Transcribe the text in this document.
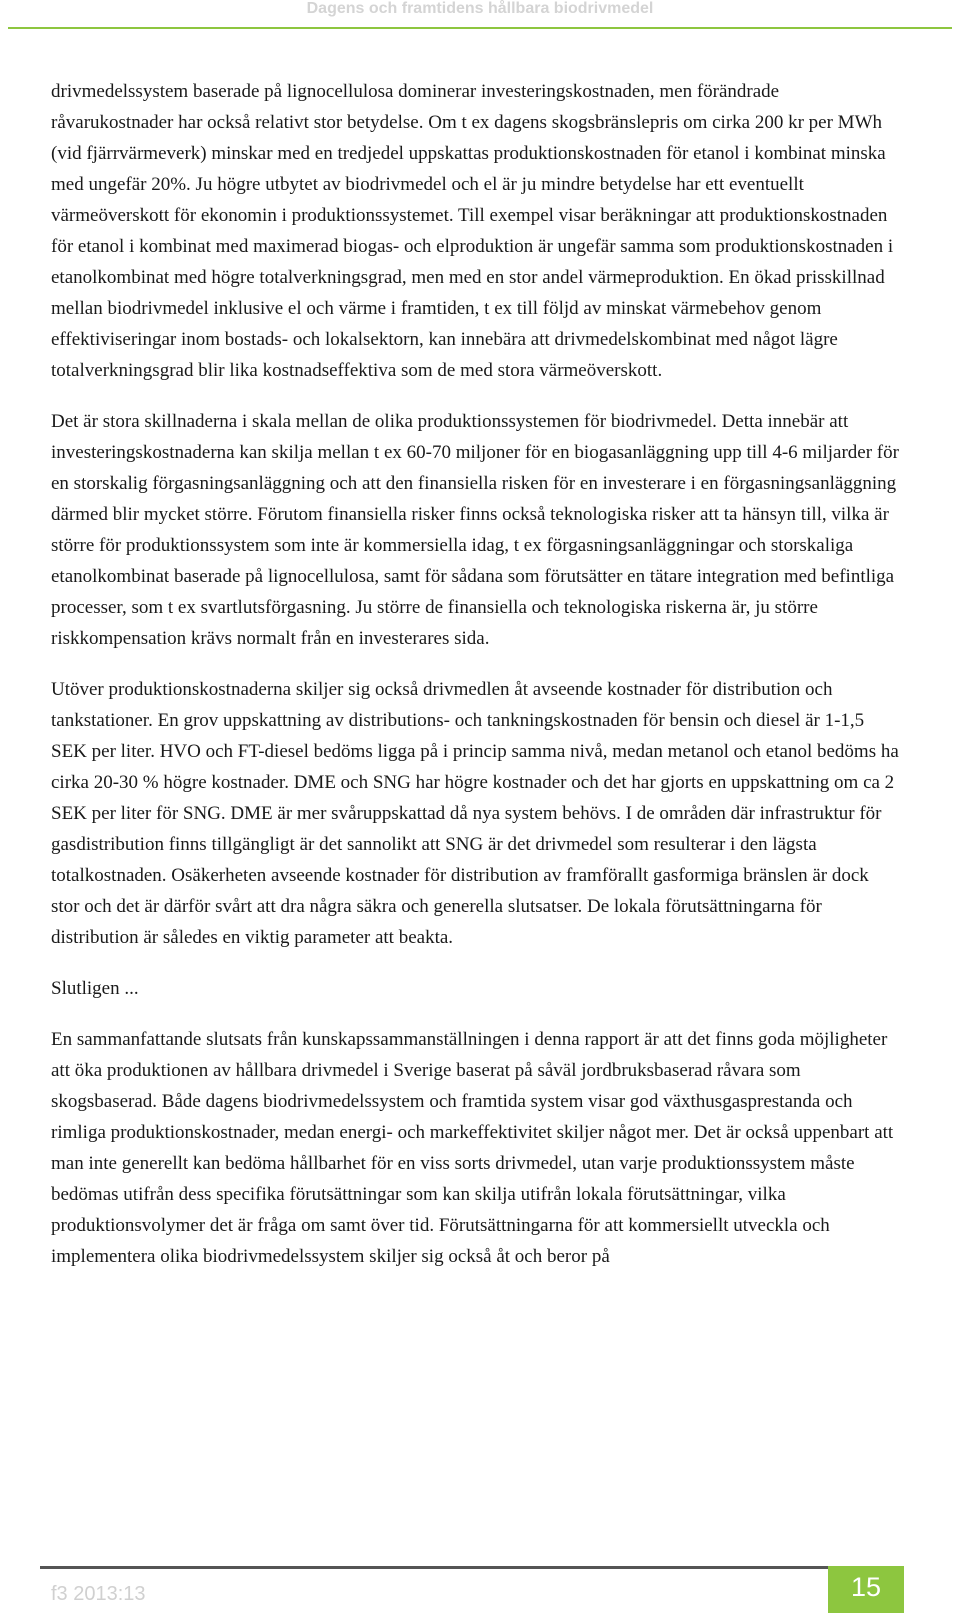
Dagens och framtidens hållbara biodrivmedel

drivmedelssystem baserade på lignocellulosa dominerar investeringskostnaden, men förändrade råvarukostnader har också relativt stor betydelse. Om t ex dagens skogsbränslepris om cirka 200 kr per MWh (vid fjärrvärmeverk) minskar med en tredjedel uppskattas produktionskostnaden för etanol i kombinat minska med ungefär 20%. Ju högre utbytet av biodrivmedel och el är ju mindre betydelse har ett eventuellt värmeöverskott för ekonomin i produktionssystemet. Till exempel visar beräkningar att produktionskostnaden för etanol i kombinat med maximerad biogas- och elproduktion är ungefär samma som produktionskostnaden i etanolkombinat med högre totalverkningsgrad, men med en stor andel värmeproduktion. En ökad prisskillnad mellan biodrivmedel inklusive el och värme i framtiden, t ex till följd av minskat värmebehov genom effektiviseringar inom bostads- och lokalsektorn, kan innebära att drivmedelskombinat med något lägre totalverkningsgrad blir lika kostnadseffektiva som de med stora värmeöverskott.

Det är stora skillnaderna i skala mellan de olika produktionssystemen för biodrivmedel. Detta innebär att investeringskostnaderna kan skilja mellan t ex 60-70 miljoner för en biogasanläggning upp till 4-6 miljarder för en storskalig förgasningsanläggning och att den finansiella risken för en investerare i en förgasningsanläggning därmed blir mycket större. Förutom finansiella risker finns också teknologiska risker att ta hänsyn till, vilka är större för produktionssystem som inte är kommersiella idag, t ex förgasningsanläggningar och storskaliga etanolkombinat baserade på lignocellulosa, samt för sådana som förutsätter en tätare integration med befintliga processer, som t ex svartlutsförgasning. Ju större de finansiella och teknologiska riskerna är, ju större riskkompensation krävs normalt från en investerares sida.

Utöver produktionskostnaderna skiljer sig också drivmedlen åt avseende kostnader för distribution och tankstationer. En grov uppskattning av distributions- och tankningskostnaden för bensin och diesel är 1-1,5 SEK per liter. HVO och FT-diesel bedöms ligga på i princip samma nivå, medan metanol och etanol bedöms ha cirka 20-30 % högre kostnader. DME och SNG har högre kostnader och det har gjorts en uppskattning om ca 2 SEK per liter för SNG. DME är mer svåruppskattad då nya system behövs. I de områden där infrastruktur för gasdistribution finns tillgängligt är det sannolikt att SNG är det drivmedel som resulterar i den lägsta totalkostnaden. Osäkerheten avseende kostnader för distribution av framförallt gasformiga bränslen är dock stor och det är därför svårt att dra några säkra och generella slutsatser. De lokala förutsättningarna för distribution är således en viktig parameter att beakta.

Slutligen ...

En sammanfattande slutsats från kunskapssammanställningen i denna rapport är att det finns goda möjligheter att öka produktionen av hållbara drivmedel i Sverige baserat på såväl jordbruksbaserad råvara som skogsbaserad. Både dagens biodrivmedelssystem och framtida system visar god växthusgasprestanda och rimliga produktionskostnader, medan energi- och markeffektivitet skiljer något mer. Det är också uppenbart att man inte generellt kan bedöma hållbarhet för en viss sorts drivmedel, utan varje produktionssystem måste bedömas utifrån dess specifika förutsättningar som kan skilja utifrån lokala förutsättningar, vilka produktionsvolymer det är fråga om samt över tid. Förutsättningarna för att kommersiellt utveckla och implementera olika biodrivmedelssystem skiljer sig också åt och beror på

f3 2013:13	15
